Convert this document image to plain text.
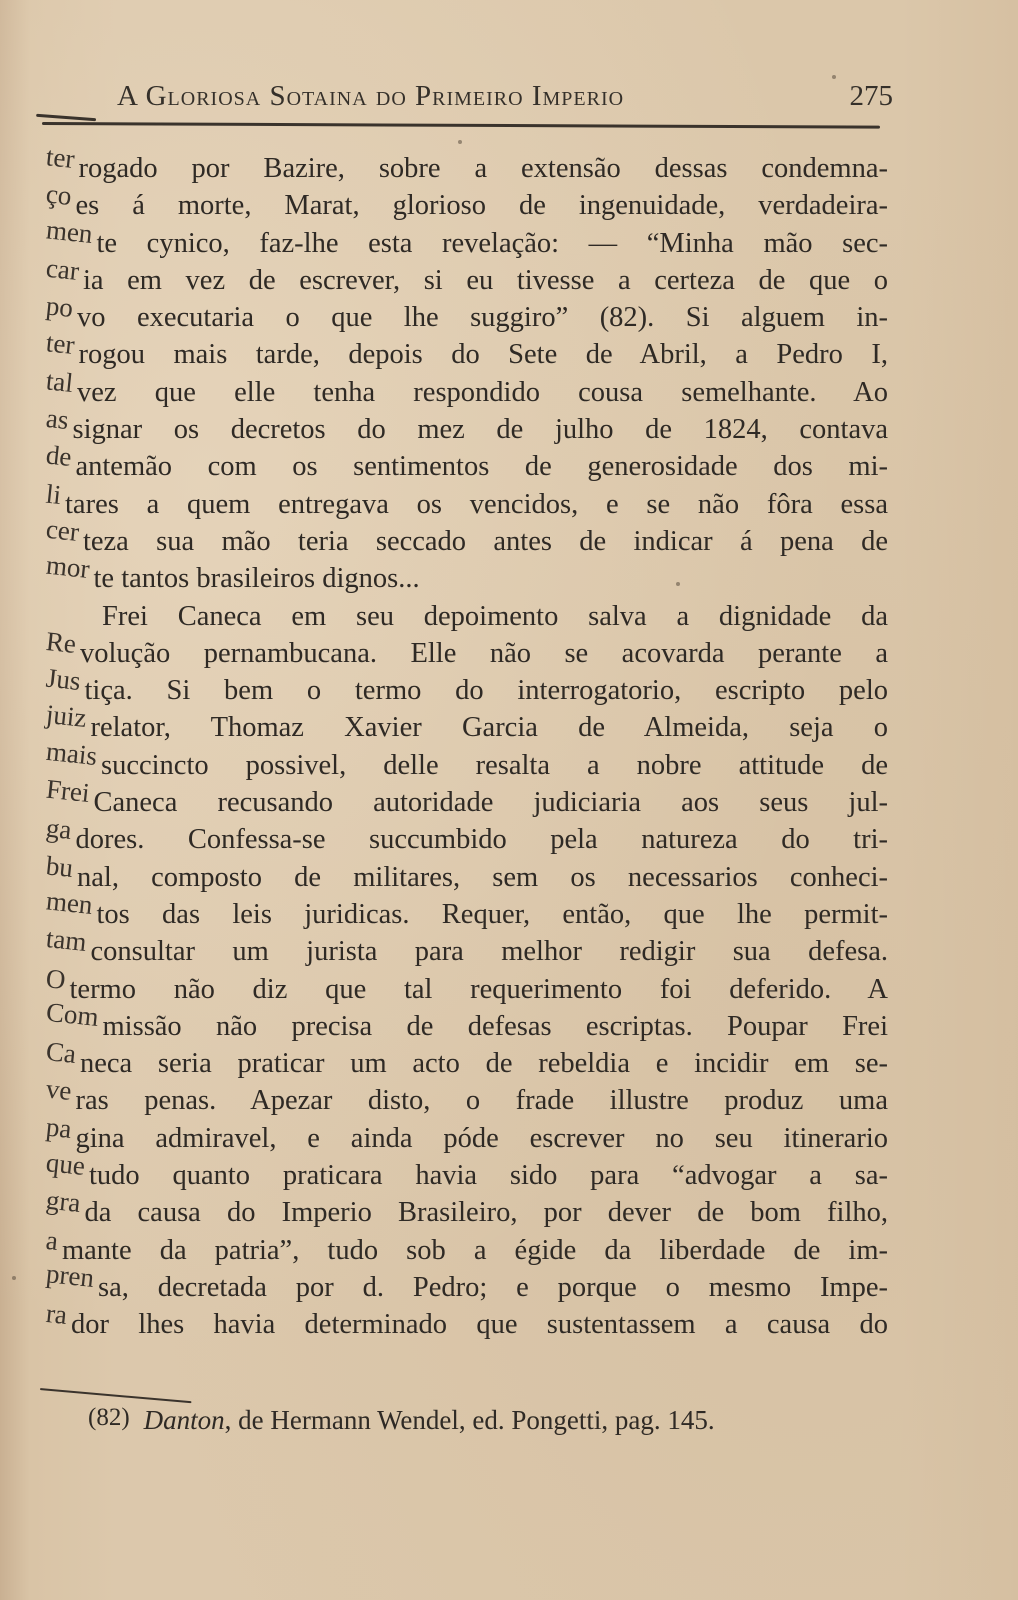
A Gloriosa Sotaina do Primeiro Imperio	275
ter rogado por Bazire, sobre a extensão dessas condemna-
ço es á morte, Marat, glorioso de ingenuidade, verdadeira-
men te cynico, faz-lhe esta revelação: — “Minha mão sec-
car ia em vez de escrever, si eu tivesse a certeza de que o
po vo executaria o que lhe suggiro” (82). Si alguem in-
ter rogou mais tarde, depois do Sete de Abril, a Pedro I,
tal vez que elle tenha respondido cousa semelhante. Ao
as signar os decretos do mez de julho de 1824, contava
de antemão com os sentimentos de generosidade dos mi-
li tares a quem entregava os vencidos, e se não fôra essa
cer teza sua mão teria seccado antes de indicar á pena de
mor te tantos brasileiros dignos...
Frei Caneca em seu depoimento salva a dignidade da
Re volução pernambucana. Elle não se acovarda perante a
Jus tiça. Si bem o termo do interrogatorio, escripto pelo
juiz relator, Thomaz Xavier Garcia de Almeida, seja o
mais succincto possivel, delle resalta a nobre attitude de
Frei Caneca recusando autoridade judiciaria aos seus jul-
ga dores. Confessa-se succumbido pela natureza do tri-
bu nal, composto de militares, sem os necessarios conheci-
men tos das leis juridicas. Requer, então, que lhe permit-
tam consultar um jurista para melhor redigir sua defesa.
O termo não diz que tal requerimento foi deferido. A
Com missão não precisa de defesas escriptas. Poupar Frei
Ca neca seria praticar um acto de rebeldia e incidir em se-
ve ras penas. Apezar disto, o frade illustre produz uma
pa gina admiravel, e ainda póde escrever no seu itinerario
que tudo quanto praticara havia sido para “advogar a sa-
gra da causa do Imperio Brasileiro, por dever de bom filho,
a mante da patria”, tudo sob a égide da liberdade de im-
pren sa, decretada por d. Pedro; e porque o mesmo Impe-
ra dor lhes havia determinado que sustentassem a causa do
(82) Danton, de Hermann Wendel, ed. Pongetti, pag. 145.
